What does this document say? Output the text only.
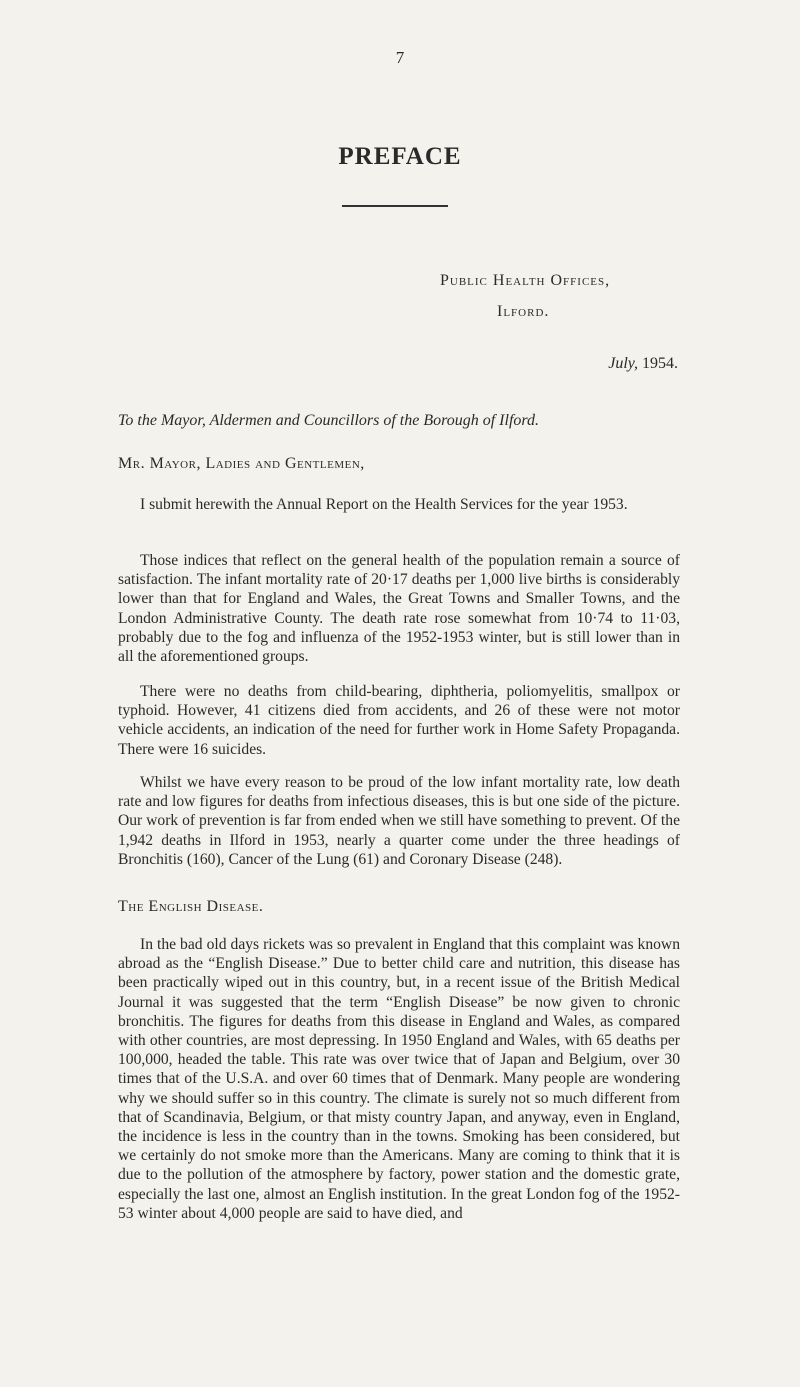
7
PREFACE
Public Health Offices,
Ilford.
July, 1954.
To the Mayor, Aldermen and Councillors of the Borough of Ilford.
Mr. Mayor, Ladies and Gentlemen,

I submit herewith the Annual Report on the Health Services for the year 1953.

Those indices that reflect on the general health of the population remain a source of satisfaction. The infant mortality rate of 20·17 deaths per 1,000 live births is considerably lower than that for England and Wales, the Great Towns and Smaller Towns, and the London Administrative County. The death rate rose somewhat from 10·74 to 11·03, probably due to the fog and influenza of the 1952-1953 winter, but is still lower than in all the aforementioned groups.

There were no deaths from child-bearing, diphtheria, poliomyelitis, smallpox or typhoid. However, 41 citizens died from accidents, and 26 of these were not motor vehicle accidents, an indication of the need for further work in Home Safety Propaganda. There were 16 suicides.

Whilst we have every reason to be proud of the low infant mortality rate, low death rate and low figures for deaths from infectious diseases, this is but one side of the picture. Our work of prevention is far from ended when we still have something to prevent. Of the 1,942 deaths in Ilford in 1953, nearly a quarter come under the three headings of Bronchitis (160), Cancer of the Lung (61) and Coronary Disease (248).

The English Disease.

In the bad old days rickets was so prevalent in England that this complaint was known abroad as the “English Disease.” Due to better child care and nutrition, this disease has been practically wiped out in this country, but, in a recent issue of the British Medical Journal it was suggested that the term “English Disease” be now given to chronic bronchitis. The figures for deaths from this disease in England and Wales, as compared with other countries, are most depressing. In 1950 England and Wales, with 65 deaths per 100,000, headed the table. This rate was over twice that of Japan and Belgium, over 30 times that of the U.S.A. and over 60 times that of Denmark. Many people are wondering why we should suffer so in this country. The climate is surely not so much different from that of Scandinavia, Belgium, or that misty country Japan, and anyway, even in England, the incidence is less in the country than in the towns. Smoking has been considered, but we certainly do not smoke more than the Americans. Many are coming to think that it is due to the pollution of the atmosphere by factory, power station and the domestic grate, especially the last one, almost an English institution. In the great London fog of the 1952-53 winter about 4,000 people are said to have died, and
